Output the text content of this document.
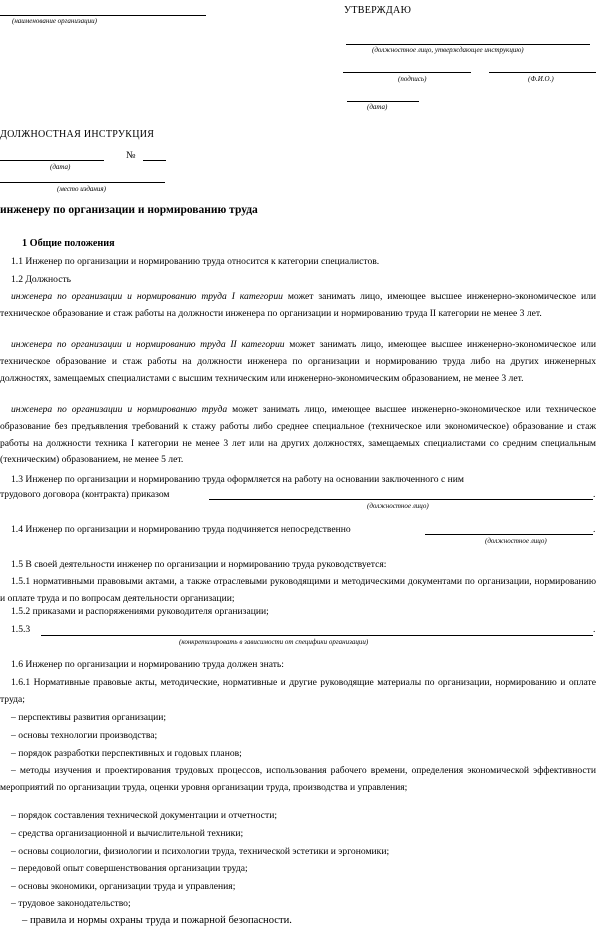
(наименование организации)
УТВЕРЖДАЮ
(должностное лицо, утверждающее инструкцию)
(подпись)	(Ф.И.О.)
(дата)
ДОЛЖНОСТНАЯ ИНСТРУКЦИЯ
№
(дата)
(место издания)
инженеру по организации и нормированию труда
1 Общие положения
1.1 Инженер по организации и нормированию труда относится к категории специалистов.
1.2 Должность
инженера по организации и нормированию труда I категории может занимать лицо, имеющее высшее инженерно-экономическое или техническое образование и стаж работы на должности инженера по организации и нормированию труда II категории не менее 3 лет.
инженера по организации и нормированию труда II категории может занимать лицо, имеющее высшее инженерно-экономическое или техническое образование и стаж работы на должности инженера по организации и нормированию труда либо на других инженерных должностях, замещаемых специалистами с высшим техническим или инженерно-экономическим образованием, не менее 3 лет.
инженера по организации и нормированию труда может занимать лицо, имеющее высшее инженерно-экономическое или техническое образование без предъявления требований к стажу работы либо среднее специальное (техническое или экономическое) образование и стаж работы на должности техника I категории не менее 3 лет или на других должностях, замещаемых специалистами со средним специальным (техническим) образованием, не менее 5 лет.
1.3 Инженер по организации и нормированию труда оформляется на работу на основании заключенного с ним
трудового договора (контракта) приказом	.
(должностное лицо)
1.4 Инженер по организации и нормированию труда подчиняется непосредственно	.
(должностное лицо)
1.5 В своей деятельности инженер по организации и нормированию труда руководствуется:
1.5.1 нормативными правовыми актами, а также отраслевыми руководящими и методическими документами по организации, нормированию и оплате труда и по вопросам деятельности организации;
1.5.2 приказами и распоряжениями руководителя организации;
1.5.3	.
(конкретизировать в зависимости от специфики организации)
1.6 Инженер по организации и нормированию труда должен знать:
1.6.1 Нормативные правовые акты, методические, нормативные и другие руководящие материалы по организации, нормированию и оплате труда;
– перспективы развития организации;
– основы технологии производства;
– порядок разработки перспективных и годовых планов;
– методы изучения и проектирования трудовых процессов, использования рабочего времени, определения экономической эффективности мероприятий по организации труда, оценки уровня организации труда, производства и управления;
– порядок составления технической документации и отчетности;
– средства организационной и вычислительной техники;
– основы социологии, физиологии и психологии труда, технической эстетики и эргономики;
– передовой опыт совершенствования организации труда;
– основы экономики, организации труда и управления;
– трудовое законодательство;
– правила и нормы охраны труда и пожарной безопасности.
